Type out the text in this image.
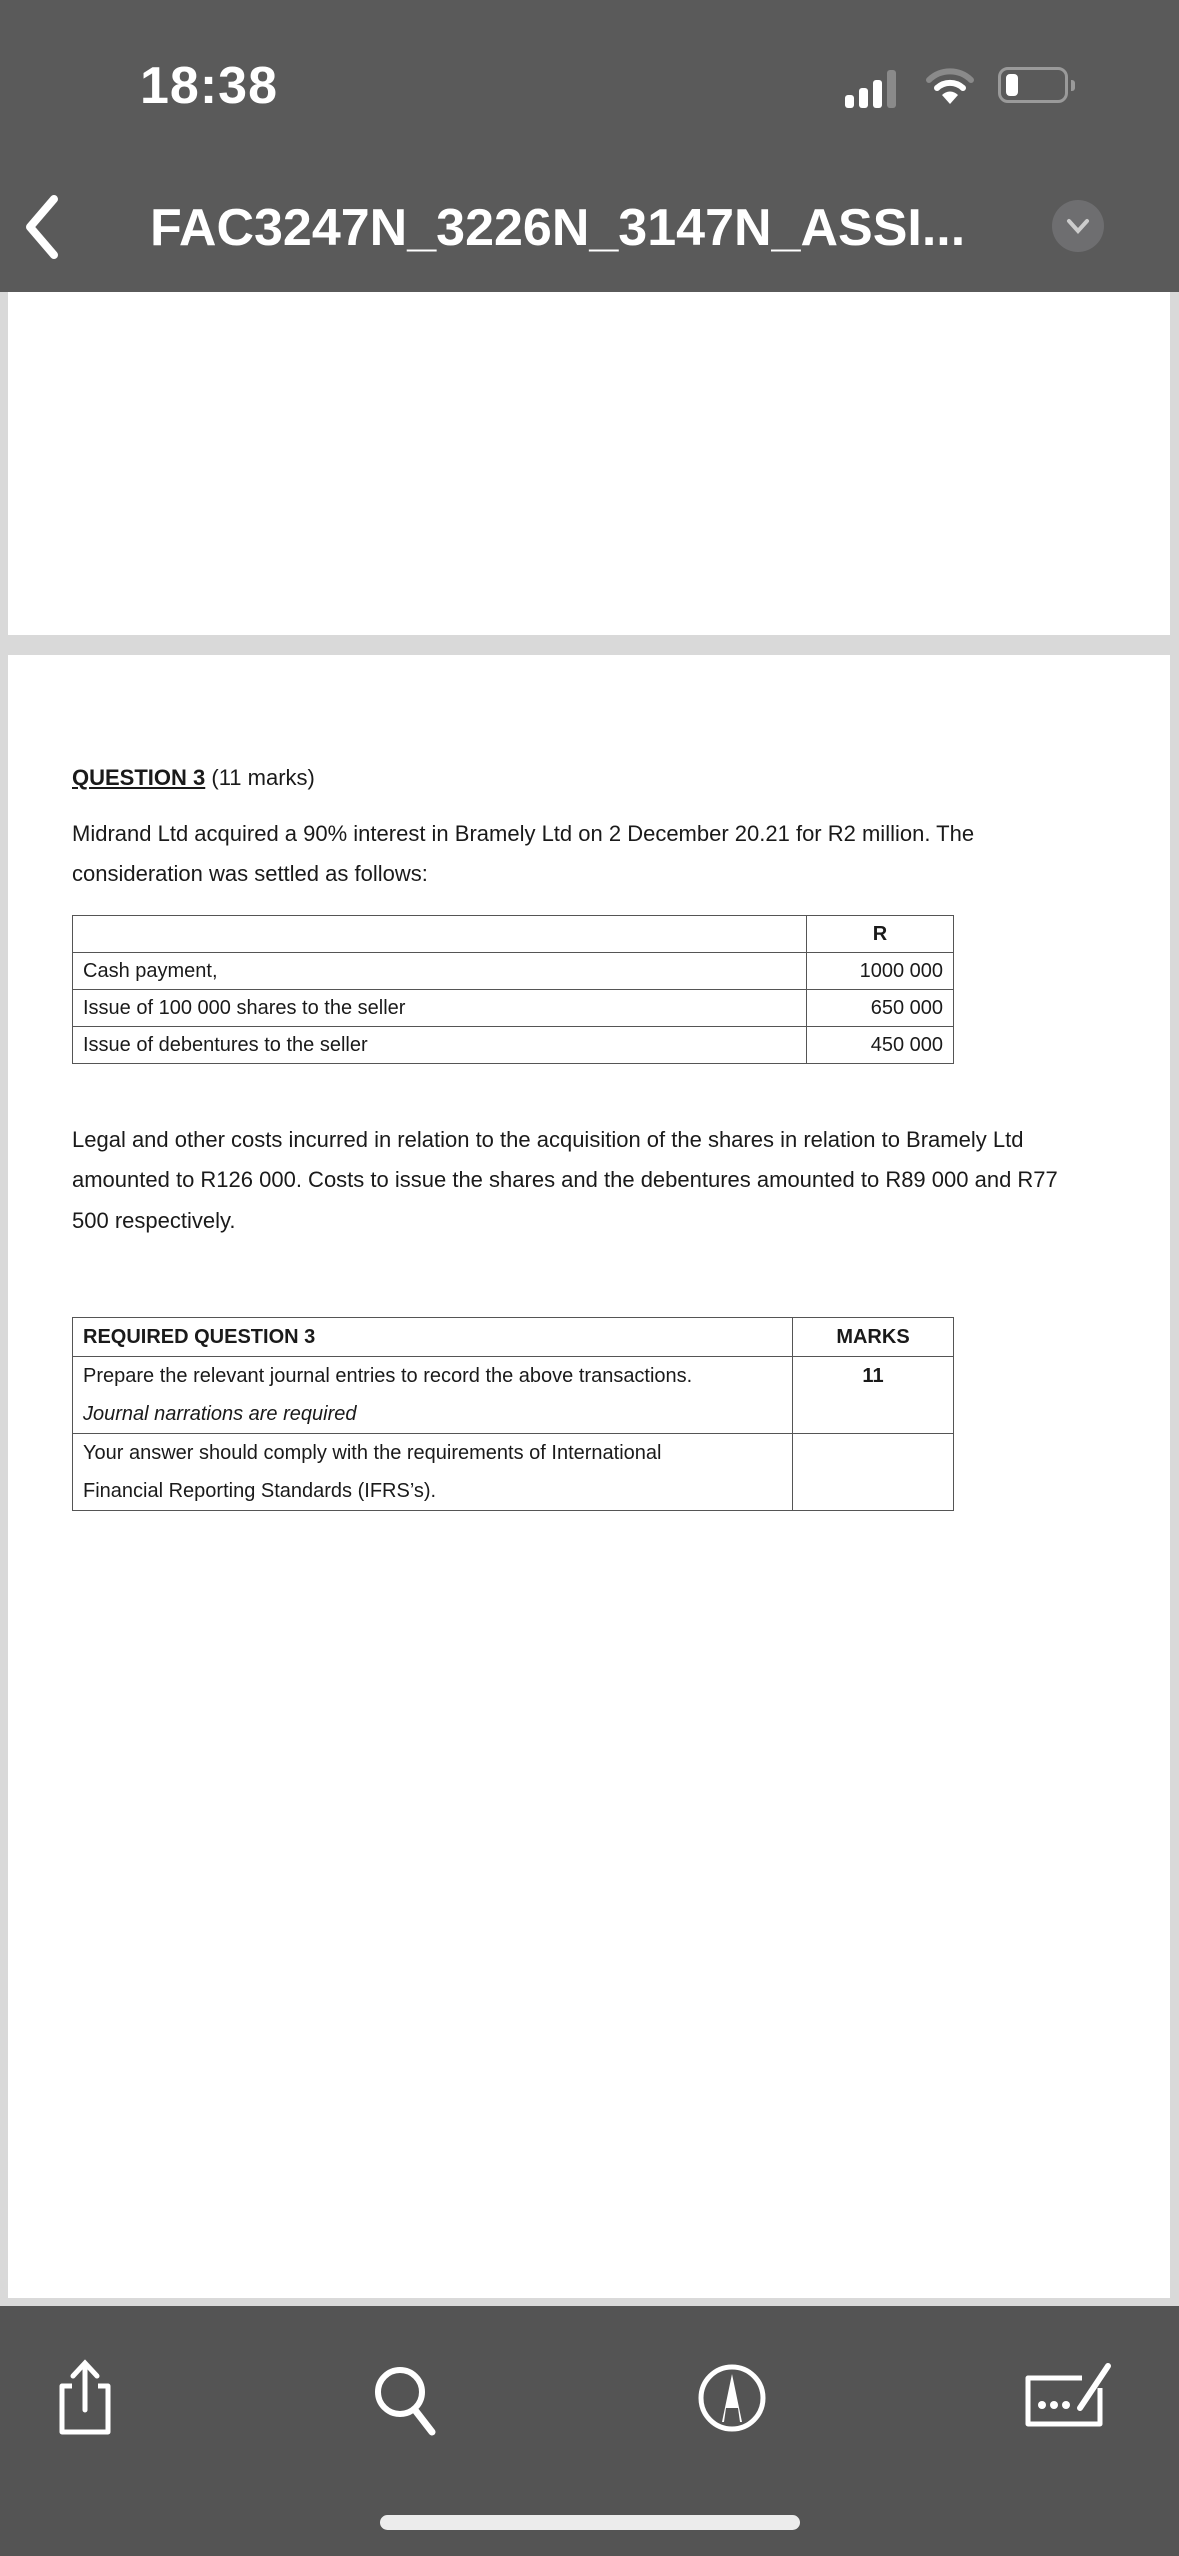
18:38
FAC3247N_3226N_3147N_ASSI...
QUESTION 3 (11 marks)
Midrand Ltd acquired a 90% interest in Bramely Ltd on 2 December 20.21 for R2 million. The
consideration was settled as follows:
	R
Cash payment,	1000 000
Issue of 100 000 shares to the seller	650 000
Issue of debentures to the seller	450 000
Legal and other costs incurred in relation to the acquisition of the shares in relation to Bramely Ltd
amounted to R126 000. Costs to issue the shares and the debentures amounted to R89 000 and R77
500 respectively.
REQUIRED QUESTION 3	MARKS

Prepare the relevant journal entries to record the above transactions.
Journal narrations are required	11

Your answer should comply with the requirements of International
Financial Reporting Standards (IFRS’s).	
